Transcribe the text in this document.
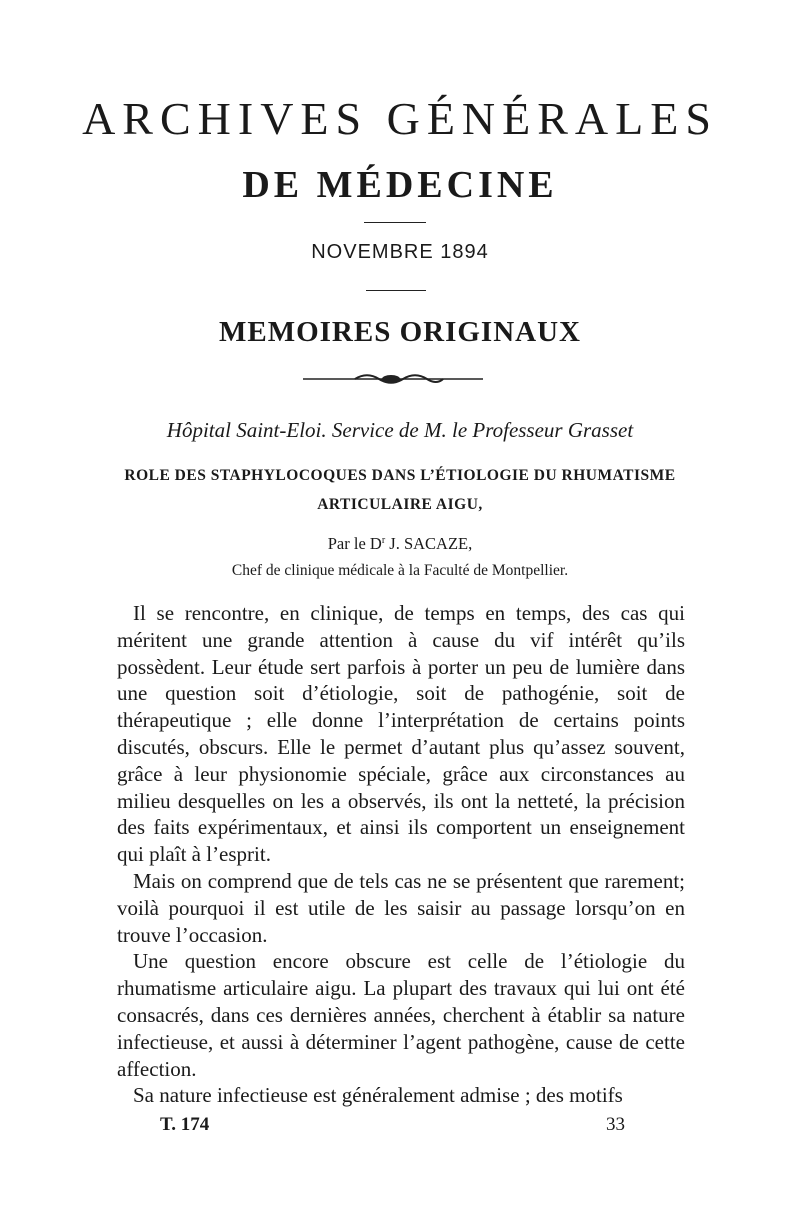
ARCHIVES GÉNÉRALES
DE MÉDECINE
NOVEMBRE 1894
MEMOIRES ORIGINAUX
Hôpital Saint-Eloi. Service de M. le Professeur Grasset
ROLE DES STAPHYLOCOQUES DANS L’ÉTIOLOGIE DU RHUMATISME
ARTICULAIRE AIGU,
Par le $D^r$ J. SACAZE,
Chef de clinique médicale à la Faculté de Montpellier.

Il se rencontre, en clinique, de temps en temps, des cas qui méritent une grande attention à cause du vif intérêt qu’ils possèdent. Leur étude sert parfois à porter un peu de lumière dans une question soit d’étiologie, soit de pathogénie, soit de thérapeutique ; elle donne l’interprétation de certains points discutés, obscurs. Elle le permet d’autant plus qu’assez souvent, grâce à leur physionomie spéciale, grâce aux circonstances au milieu desquelles on les a observés, ils ont la netteté, la précision des faits expérimentaux, et ainsi ils comportent un enseignement qui plaît à l’esprit.

Mais on comprend que de tels cas ne se présentent que rarement; voilà pourquoi il est utile de les saisir au passage lorsqu’on en trouve l’occasion.

Une question encore obscure est celle de l’étiologie du rhumatisme articulaire aigu. La plupart des travaux qui lui ont été consacrés, dans ces dernières années, cherchent à établir sa nature infectieuse, et aussi à déterminer l’agent pathogène, cause de cette affection.

Sa nature infectieuse est généralement admise ; des motifs

T. 174	33
